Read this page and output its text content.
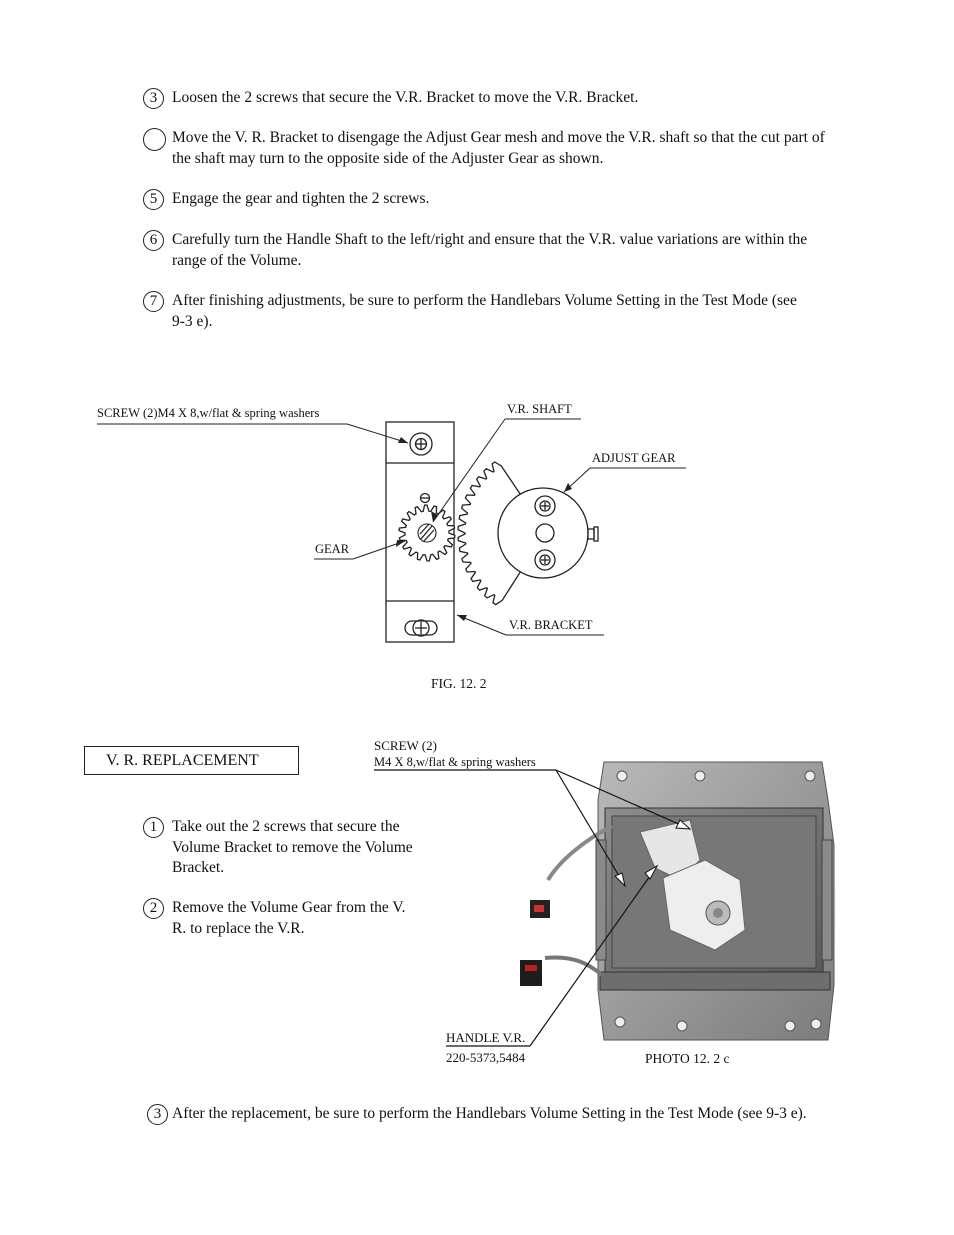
3 Loosen the 2 screws that secure the V.R. Bracket to move the V.R. Bracket.
Move the V. R. Bracket to disengage the Adjust Gear mesh and move the V.R. shaft so that the cut part of the shaft may turn to the opposite side of the Adjuster Gear as shown.
5 Engage the gear and tighten the 2 screws.
6 Carefully turn the Handle Shaft to the left/right and ensure that the V.R. value variations are within the range of the Volume.
7 After finishing adjustments, be sure to perform the Handlebars Volume Setting in the Test Mode (see 9-3 e).
SCREW (2)M4 X 8,w/flat & spring washers	V.R. SHAFT
ADJUST GEAR
GEAR
V.R. BRACKET
FIG. 12. 2
V. R. REPLACEMENT
1 Take out the 2 screws that secure the Volume Bracket to remove the Volume Bracket.
2 Remove the Volume Gear from the V. R. to replace the V.R.
SCREW (2)
M4 X 8,w/flat & spring washers
HANDLE V.R.
220-5373,5484	PHOTO 12. 2 c
3 After the replacement, be sure to perform the Handlebars Volume Setting in the Test Mode (see 9-3 e).
